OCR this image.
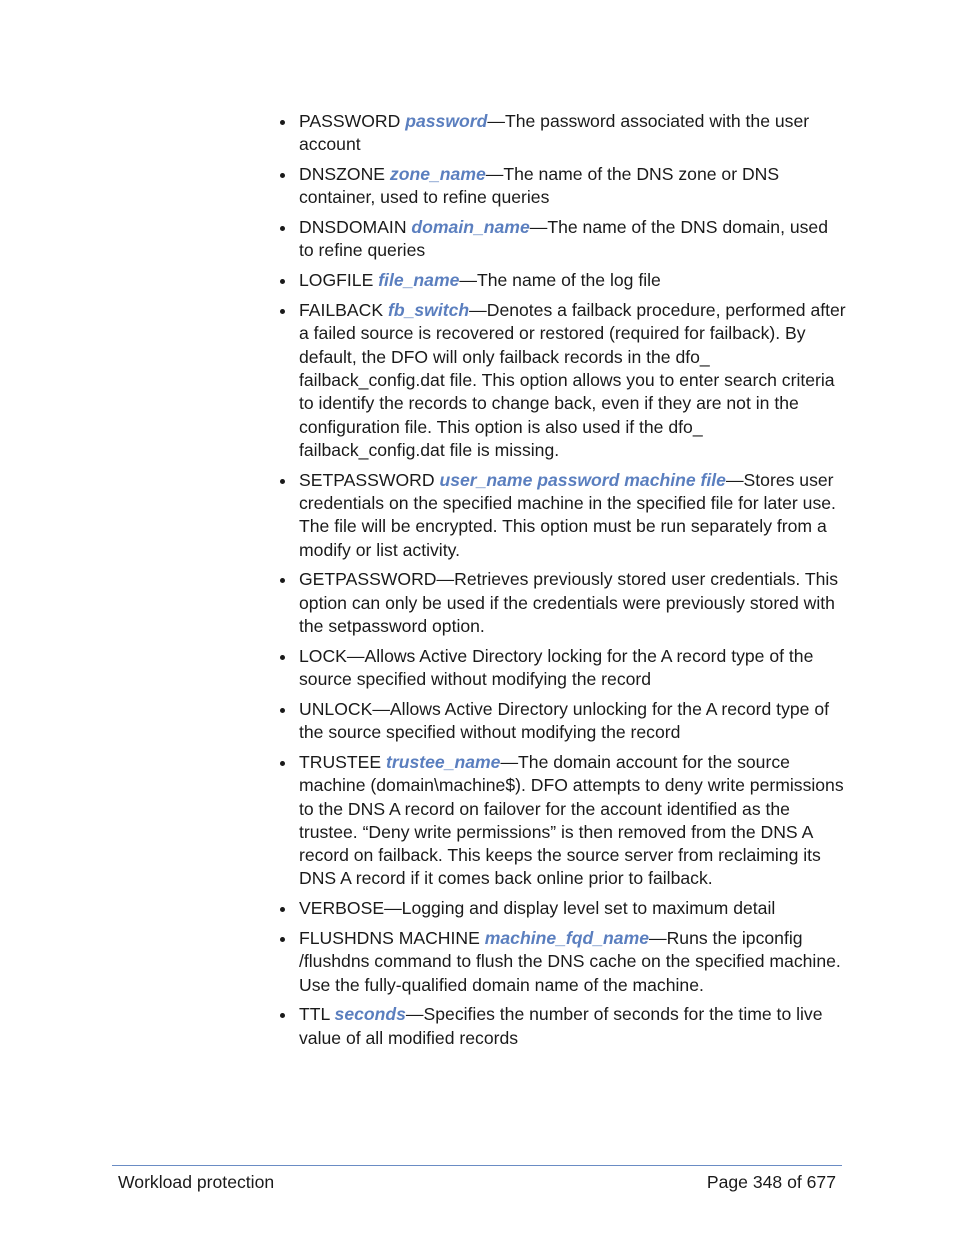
PASSWORD password—The password associated with the user account
DNSZONE zone_name—The name of the DNS zone or DNS container, used to refine queries
DNSDOMAIN domain_name—The name of the DNS domain, used to refine queries
LOGFILE file_name—The name of the log file
FAILBACK fb_switch—Denotes a failback procedure, performed after a failed source is recovered or restored (required for failback). By default, the DFO will only failback records in the dfo_ failback_config.dat file. This option allows you to enter search criteria to identify the records to change back, even if they are not in the configuration file. This option is also used if the dfo_ failback_config.dat file is missing.
SETPASSWORD user_name password machine file—Stores user credentials on the specified machine in the specified file for later use. The file will be encrypted. This option must be run separately from a modify or list activity.
GETPASSWORD—Retrieves previously stored user credentials. This option can only be used if the credentials were previously stored with the setpassword option.
LOCK—Allows Active Directory locking for the A record type of the source specified without modifying the record
UNLOCK—Allows Active Directory unlocking for the A record type of the source specified without modifying the record
TRUSTEE trustee_name—The domain account for the source machine (domain\machine$). DFO attempts to deny write permissions to the DNS A record on failover for the account identified as the trustee. “Deny write permissions” is then removed from the DNS A record on failback. This keeps the source server from reclaiming its DNS A record if it comes back online prior to failback.
VERBOSE—Logging and display level set to maximum detail
FLUSHDNS MACHINE machine_fqd_name—Runs the ipconfig /flushdns command to flush the DNS cache on the specified machine. Use the fully-qualified domain name of the machine.
TTL seconds—Specifies the number of seconds for the time to live value of all modified records
Workload protection	Page 348 of 677
